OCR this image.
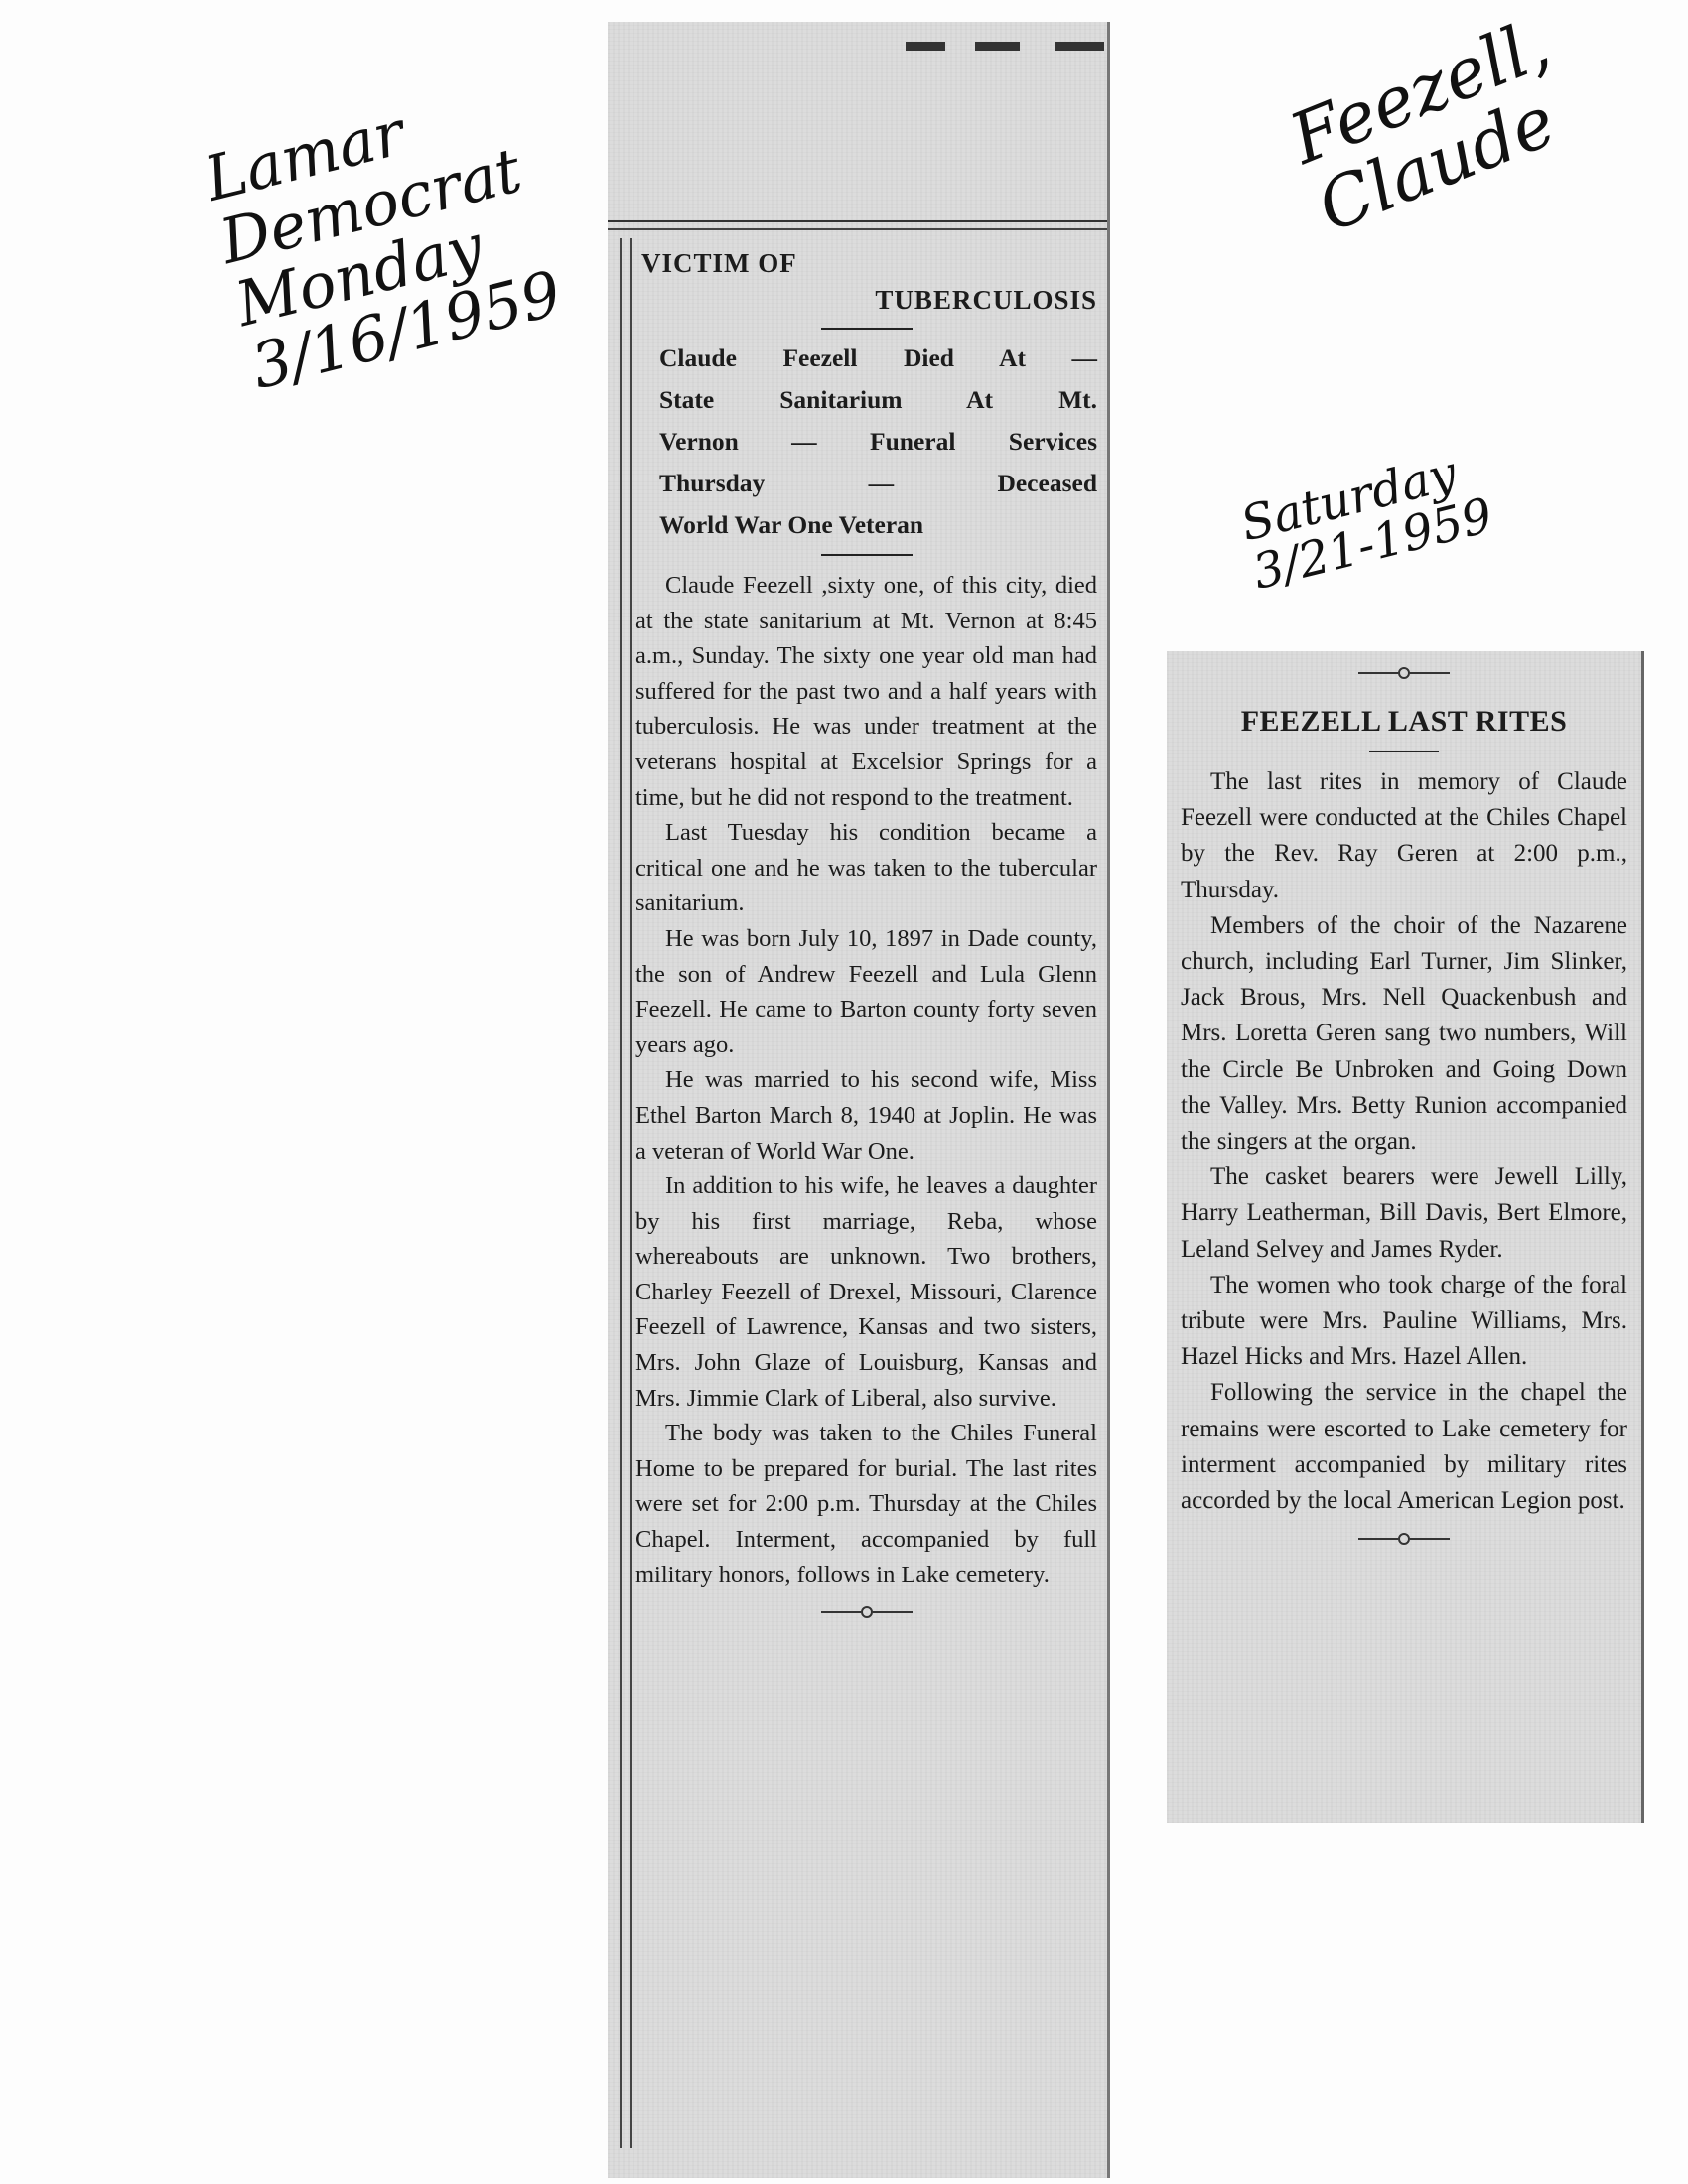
Lamar
Democrat
Monday
3/16/1959
Feezell,
Claude
Saturday
3/21-1959
VICTIM OF
TUBERCULOSIS
Claude Feezell Died At —
State Sanitarium At Mt.
Vernon — Funeral Services
Thursday — Deceased
World War One Veteran

Claude Feezell ,sixty one, of this city, died at the state sanitarium at Mt. Vernon at 8:45 a.m., Sunday. The sixty one year old man had suffered for the past two and a half years with tuberculosis. He was under treatment at the veterans hospital at Excelsior Springs for a time, but he did not respond to the treatment.

Last Tuesday his condition became a critical one and he was taken to the tubercular sanitarium.

He was born July 10, 1897 in Dade county, the son of Andrew Feezell and Lula Glenn Feezell. He came to Barton county forty seven years ago.

He was married to his second wife, Miss Ethel Barton March 8, 1940 at Joplin. He was a veteran of World War One.

In addition to his wife, he leaves a daughter by his first marriage, Reba, whose whereabouts are unknown. Two brothers, Charley Feezell of Drexel, Missouri, Clarence Feezell of Lawrence, Kansas and two sisters, Mrs. John Glaze of Louisburg, Kansas and Mrs. Jimmie Clark of Liberal, also survive.

The body was taken to the Chiles Funeral Home to be prepared for burial. The last rites were set for 2:00 p.m. Thursday at the Chiles Chapel. Interment, accompanied by full military honors, follows in Lake cemetery.

FEEZELL LAST RITES

The last rites in memory of Claude Feezell were conducted at the Chiles Chapel by the Rev. Ray Geren at 2:00 p.m., Thursday.

Members of the choir of the Nazarene church, including Earl Turner, Jim Slinker, Jack Brous, Mrs. Nell Quackenbush and Mrs. Loretta Geren sang two numbers, Will the Circle Be Unbroken and Going Down the Valley. Mrs. Betty Runion accompanied the singers at the organ.

The casket bearers were Jewell Lilly, Harry Leatherman, Bill Davis, Bert Elmore, Leland Selvey and James Ryder.

The women who took charge of the foral tribute were Mrs. Pauline Williams, Mrs. Hazel Hicks and Mrs. Hazel Allen.

Following the service in the chapel the remains were escorted to Lake cemetery for interment accompanied by military rites accorded by the local American Legion post.
